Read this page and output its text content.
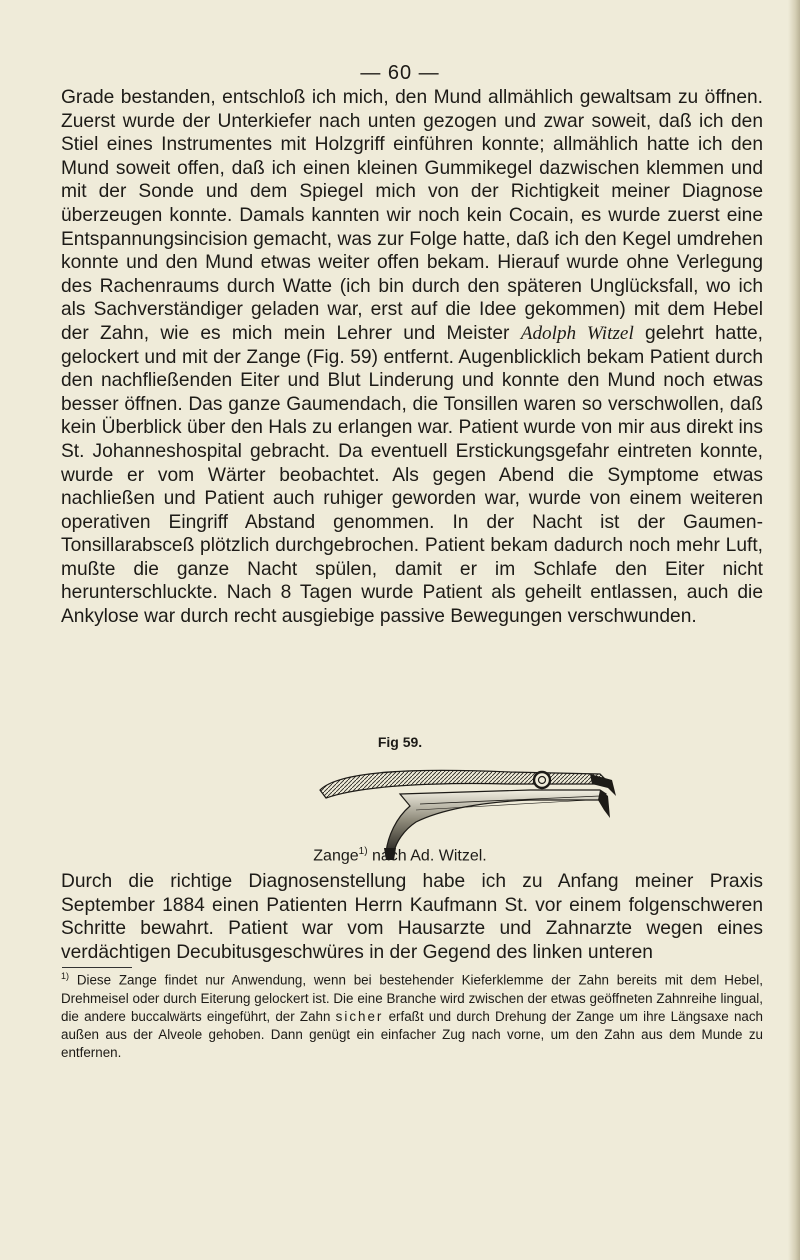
— 60 —

Grade bestanden, entschloß ich mich, den Mund allmählich gewaltsam zu öffnen. Zuerst wurde der Unterkiefer nach unten gezogen und zwar soweit, daß ich den Stiel eines Instrumentes mit Holzgriff einführen konnte; allmählich hatte ich den Mund soweit offen, daß ich einen kleinen Gummikegel dazwischen klemmen und mit der Sonde und dem Spiegel mich von der Richtigkeit meiner Diagnose überzeugen konnte. Damals kannten wir noch kein Cocain, es wurde zuerst eine Entspannungsincision gemacht, was zur Folge hatte, daß ich den Kegel umdrehen konnte und den Mund etwas weiter offen bekam. Hierauf wurde ohne Verlegung des Rachenraums durch Watte (ich bin durch den späteren Unglücksfall, wo ich als Sachverständiger geladen war, erst auf die Idee gekommen) mit dem Hebel der Zahn, wie es mich mein Lehrer und Meister Adolph Witzel gelehrt hatte, gelockert und mit der Zange (Fig. 59) entfernt. Augenblicklich bekam Patient durch den nachfließenden Eiter und Blut Linderung und konnte den Mund noch etwas besser öffnen. Das ganze Gaumendach, die Tonsillen waren so verschwollen, daß kein Überblick über den Hals zu erlangen war. Patient wurde von mir aus direkt ins St. Johanneshospital gebracht. Da eventuell Erstickungsgefahr eintreten konnte, wurde er vom Wärter beobachtet. Als gegen Abend die Symptome etwas nachließen und Patient auch ruhiger geworden war, wurde von einem weiteren operativen Eingriff Abstand genommen. In der Nacht ist der Gaumen-Tonsillarabsceß plötzlich durchgebrochen. Patient bekam dadurch noch mehr Luft, mußte die ganze Nacht spülen, damit er im Schlafe den Eiter nicht herunterschluckte. Nach 8 Tagen wurde Patient als geheilt entlassen, auch die Ankylose war durch recht ausgiebige passive Bewegungen verschwunden.

Fig 59.
Zange$^{1)}$ nach Ad. Witzel.

Durch die richtige Diagnosenstellung habe ich zu Anfang meiner Praxis September 1884 einen Patienten Herrn Kaufmann St. vor einem folgenschweren Schritte bewahrt. Patient war vom Hausarzte und Zahnarzte wegen eines verdächtigen Decubitusgeschwüres in der Gegend des linken unteren

$^{1)}$ Diese Zange findet nur Anwendung, wenn bei bestehender Kieferklemme der Zahn bereits mit dem Hebel, Drehmeisel oder durch Eiterung gelockert ist. Die eine Branche wird zwischen der etwas geöffneten Zahnreihe lingual, die andere buccalwärts eingeführt, der Zahn sicher erfaßt und durch Drehung der Zange um ihre Längsaxe nach außen aus der Alveole gehoben. Dann genügt ein einfacher Zug nach vorne, um den Zahn aus dem Munde zu entfernen.
